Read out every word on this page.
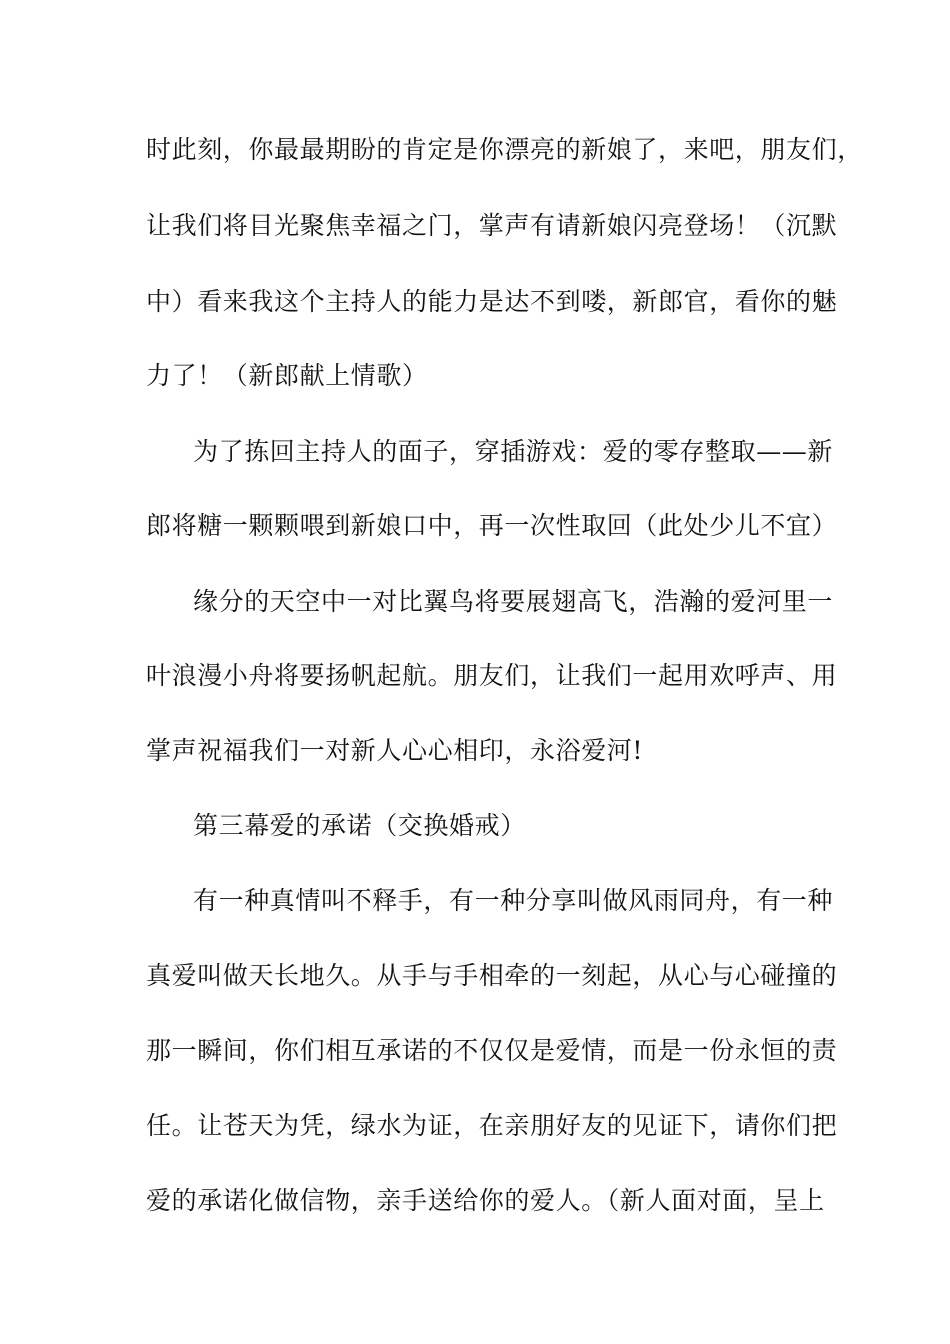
时此刻，你最最期盼的肯定是你漂亮的新娘了，来吧，朋友们，
让我们将目光聚焦幸福之门，掌声有请新娘闪亮登场！（沉默
中）看来我这个主持人的能力是达不到喽，新郎官，看你的魅
力了！（新郎献上情歌）
为了拣回主持人的面子，穿插游戏：爱的零存整取——新
郎将糖一颗颗喂到新娘口中，再一次性取回（此处少儿不宜）
缘分的天空中一对比翼鸟将要展翅高飞，浩瀚的爱河里一
叶浪漫小舟将要扬帆起航。朋友们，让我们一起用欢呼声、用
掌声祝福我们一对新人心心相印，永浴爱河!
第三幕爱的承诺（交换婚戒）
有一种真情叫不释手，有一种分享叫做风雨同舟，有一种
真爱叫做天长地久。从手与手相牵的一刻起，从心与心碰撞的
那一瞬间，你们相互承诺的不仅仅是爱情，而是一份永恒的责
任。让苍天为凭，绿水为证，在亲朋好友的见证下，请你们把
爱的承诺化做信物，亲手送给你的爱人。（新人面对面，呈上
